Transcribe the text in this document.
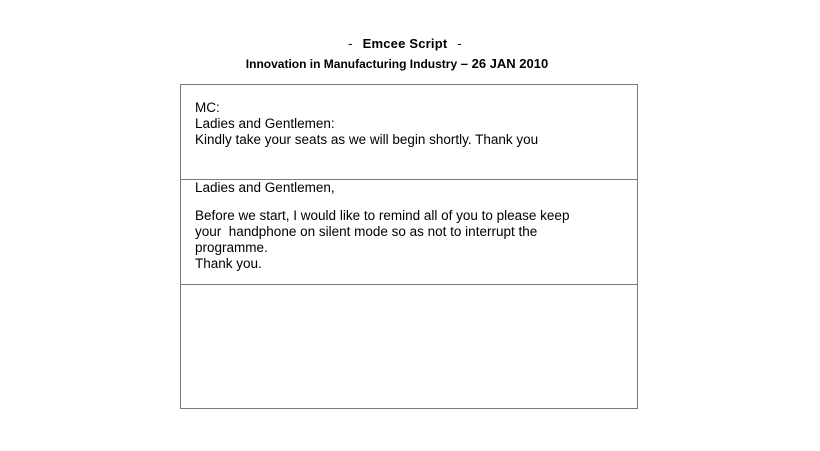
- Emcee Script -
Innovation in Manufacturing Industry – 26 JAN 2010
MC:
Ladies and Gentlemen:
Kindly take your seats as we will begin shortly. Thank you
Ladies and Gentlemen,
Before we start, I would like to remind all of you to please keep
your  handphone on silent mode so as not to interrupt the
programme.
Thank you.
